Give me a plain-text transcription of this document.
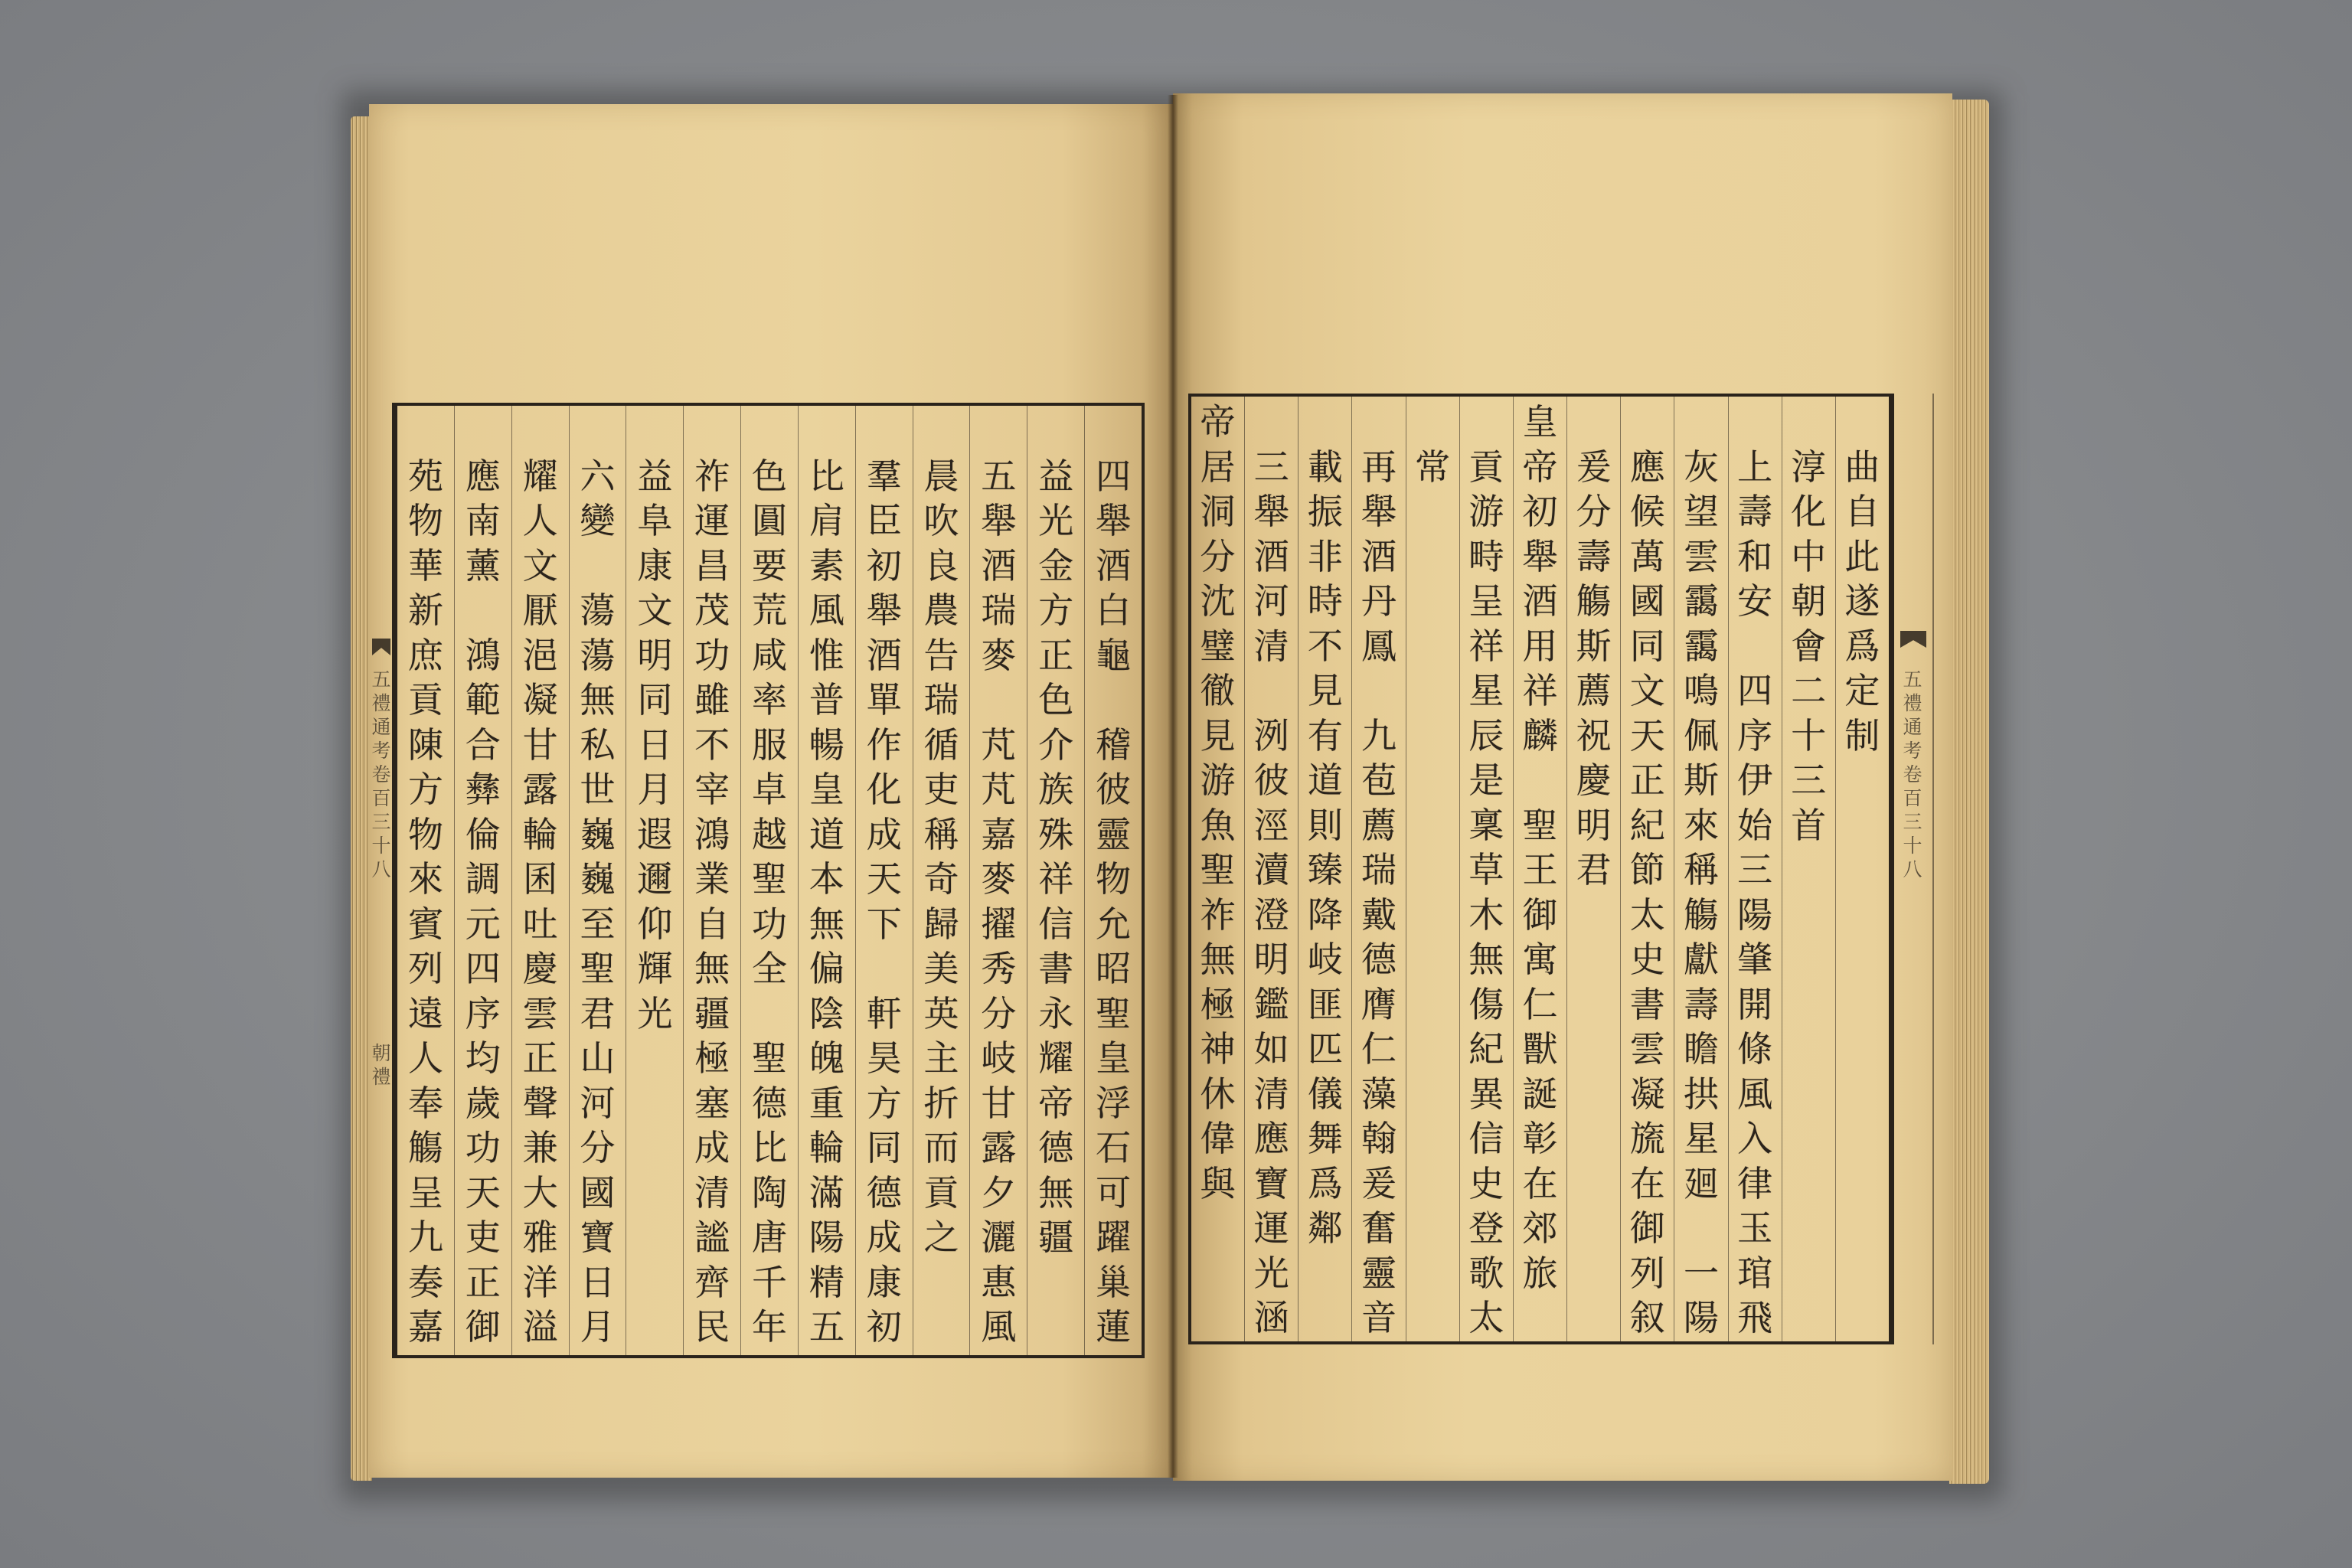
五
禮
通
考
卷
百
三
十
八
朝
禮

四
舉
酒
白
龜

稽
彼
靈
物
允
昭
聖
皇
浮
石
可
躍
巢
蓮

益
光
金
方
正
色
介
族
殊
祥
信
書
永
耀
帝
德
無
疆

五
舉
酒
瑞
麥

芃
芃
嘉
麥
擢
秀
分
岐
甘
露
夕
灑
惠
風

晨
吹
良
農
告
瑞
循
吏
稱
奇
歸
美
英
主
折
而
貢
之

羣
臣
初
舉
酒
單
作
化
成
天
下

軒
昊
方
同
德
成
康
初

比
肩
素
風
惟
普
暢
皇
道
本
無
偏
陰
魄
重
輪
滿
陽
精
五

色
圓
要
荒
咸
率
服
卓
越
聖
功
全

聖
德
比
陶
唐
千
年

祚
運
昌
茂
功
雖
不
宰
鴻
業
自
無
疆
極
塞
成
清
謐
齊
民

益
阜
康
文
明
同
日
月
遐
邇
仰
輝
光

六
變

蕩
蕩
無
私
世
巍
巍
至
聖
君
山
河
分
國
寶
日
月

耀
人
文
厭
浥
凝
甘
露
輪
囷
吐
慶
雲
正
聲
兼
大
雅
洋
溢

應
南
薰

鴻
範
合
彝
倫
調
元
四
序
均
歲
功
天
吏
正
御

苑
物
華
新
庶
貢
陳
方
物
來
賓
列
遠
人
奉
觴
呈
九
奏
嘉

曲
自
此
遂
爲
定
制

淳
化
中
朝
會
二
十
三
首

上
壽
和
安

四
序
伊
始
三
陽
肇
開
條
風
入
律
玉
琯
飛

灰
望
雲
靄
靄
鳴
佩
斯
來
稱
觴
獻
壽
瞻
拱
星
廻

一
陽

應
候
萬
國
同
文
天
正
紀
節
太
史
書
雲
凝
旒
在
御
列
叙

爰
分
壽
觴
斯
薦
祝
慶
明
君
皇
帝
初
舉
酒
用
祥
麟

聖
王
御
寓
仁
獸
誕
彰
在
郊
旅

貢
游
畤
呈
祥
星
辰
是
稟
草
木
無
傷
紀
異
信
史
登
歌
太

常

再
舉
酒
丹
鳳

九
苞
薦
瑞
戴
德
膺
仁
藻
翰
爰
奮
靈
音

載
振
非
時
不
見
有
道
則
臻
降
岐
匪
匹
儀
舞
爲
鄰

三
舉
酒
河
清

洌
彼
涇
瀆
澄
明
鑑
如
清
應
寶
運
光
涵
帝
居
洞
分
沈
璧
徹
見
游
魚
聖
祚
無
極
神
休
偉
與
五
禮
通
考
卷
百
三
十
八
